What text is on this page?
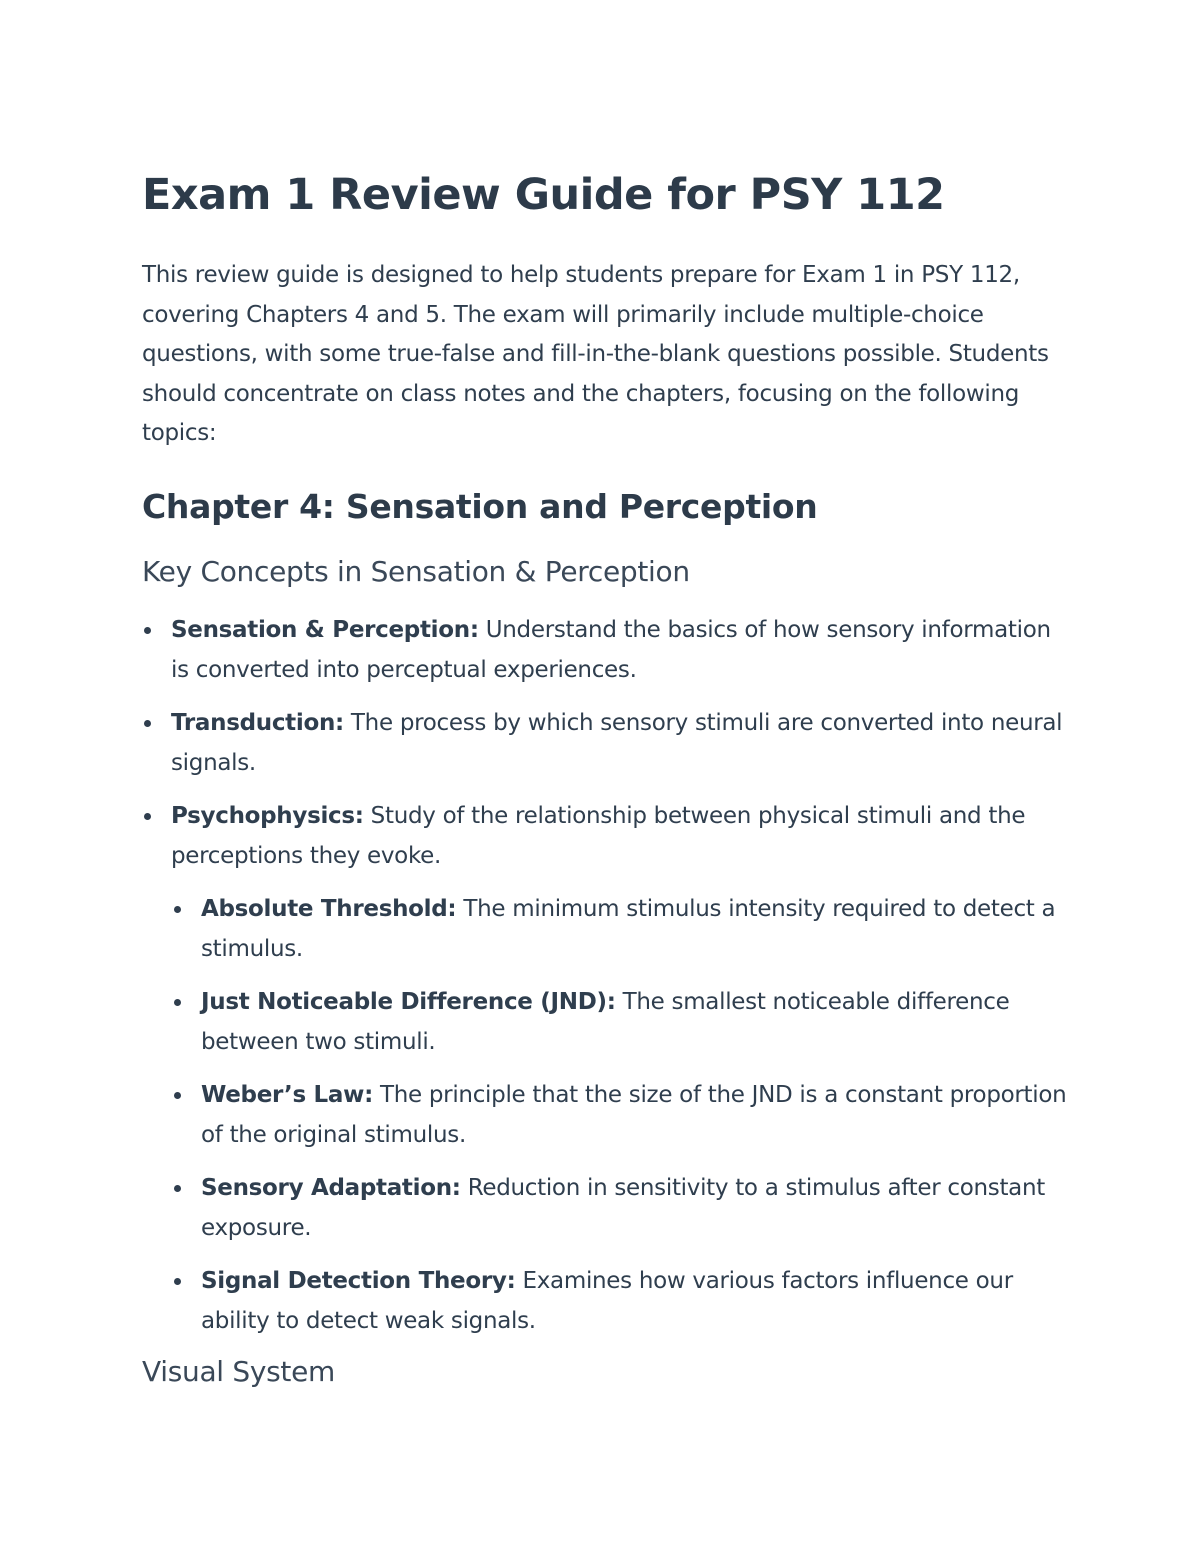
Exam 1 Review Guide for PSY 112

This review guide is designed to help students prepare for Exam 1 in PSY 112, covering Chapters 4 and 5. The exam will primarily include multiple-choice questions, with some true-false and fill-in-the-blank questions possible. Students should concentrate on class notes and the chapters, focusing on the following topics:

Chapter 4: Sensation and Perception
Key Concepts in Sensation & Perception
Sensation & Perception: Understand the basics of how sensory information is converted into perceptual experiences.
Transduction: The process by which sensory stimuli are converted into neural signals.
Psychophysics: Study of the relationship between physical stimuli and the perceptions they evoke.
Absolute Threshold: The minimum stimulus intensity required to detect a stimulus.
Just Noticeable Difference (JND): The smallest noticeable difference between two stimuli.
Weber’s Law: The principle that the size of the JND is a constant proportion of the original stimulus.
Sensory Adaptation: Reduction in sensitivity to a stimulus after constant exposure.
Signal Detection Theory: Examines how various factors influence our ability to detect weak signals.
Visual System
